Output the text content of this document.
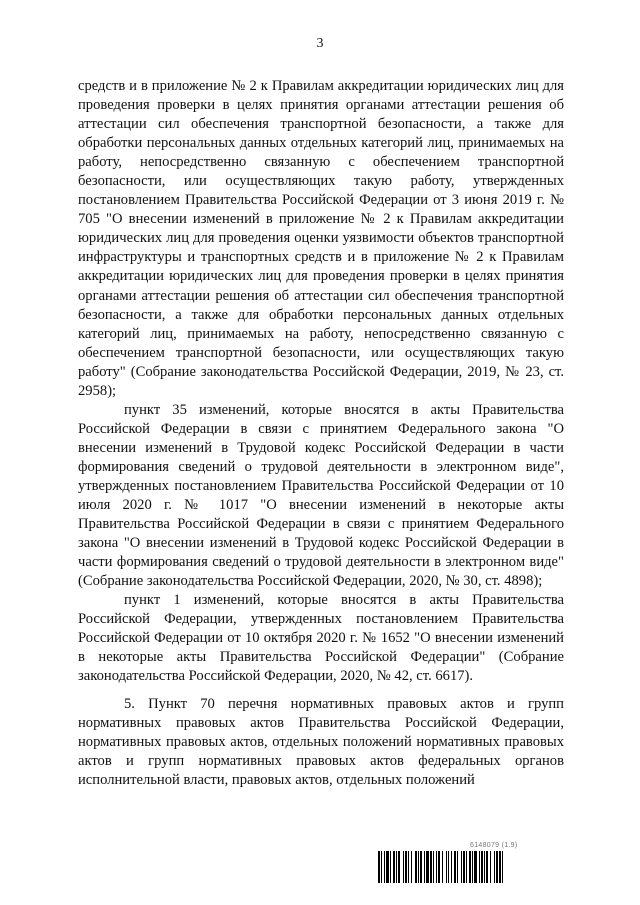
3

средств и в приложение № 2 к Правилам аккредитации юридических лиц для проведения проверки в целях принятия органами аттестации решения об аттестации сил обеспечения транспортной безопасности, а также для обработки персональных данных отдельных категорий лиц, принимаемых на работу, непосредственно связанную с обеспечением транспортной безопасности, или осуществляющих такую работу, утвержденных постановлением Правительства Российской Федерации от 3 июня 2019 г. № 705 "О внесении изменений в приложение № 2 к Правилам аккредитации юридических лиц для проведения оценки уязвимости объектов транспортной инфраструктуры и транспортных средств и в приложение № 2 к Правилам аккредитации юридических лиц для проведения проверки в целях принятия органами аттестации решения об аттестации сил обеспечения транспортной безопасности, а также для обработки персональных данных отдельных категорий лиц, принимаемых на работу, непосредственно связанную с обеспечением транспортной безопасности, или осуществляющих такую работу" (Собрание законодательства Российской Федерации, 2019, № 23, ст. 2958);

пункт 35 изменений, которые вносятся в акты Правительства Российской Федерации в связи с принятием Федерального закона "О внесении изменений в Трудовой кодекс Российской Федерации в части формирования сведений о трудовой деятельности в электронном виде", утвержденных постановлением Правительства Российской Федерации от 10 июля 2020 г. № 1017 "О внесении изменений в некоторые акты Правительства Российской Федерации в связи с принятием Федерального закона "О внесении изменений в Трудовой кодекс Российской Федерации в части формирования сведений о трудовой деятельности в электронном виде" (Собрание законодательства Российской Федерации, 2020, № 30, ст. 4898);

пункт 1 изменений, которые вносятся в акты Правительства Российской Федерации, утвержденных постановлением Правительства Российской Федерации от 10 октября 2020 г. № 1652 "О внесении изменений в некоторые акты Правительства Российской Федерации" (Собрание законодательства Российской Федерации, 2020, № 42, ст. 6617).

5. Пункт 70 перечня нормативных правовых актов и групп нормативных правовых актов Правительства Российской Федерации, нормативных правовых актов, отдельных положений нормативных правовых актов и групп нормативных правовых актов федеральных органов исполнительной власти, правовых актов, отдельных положений

6148079 (1.9)
